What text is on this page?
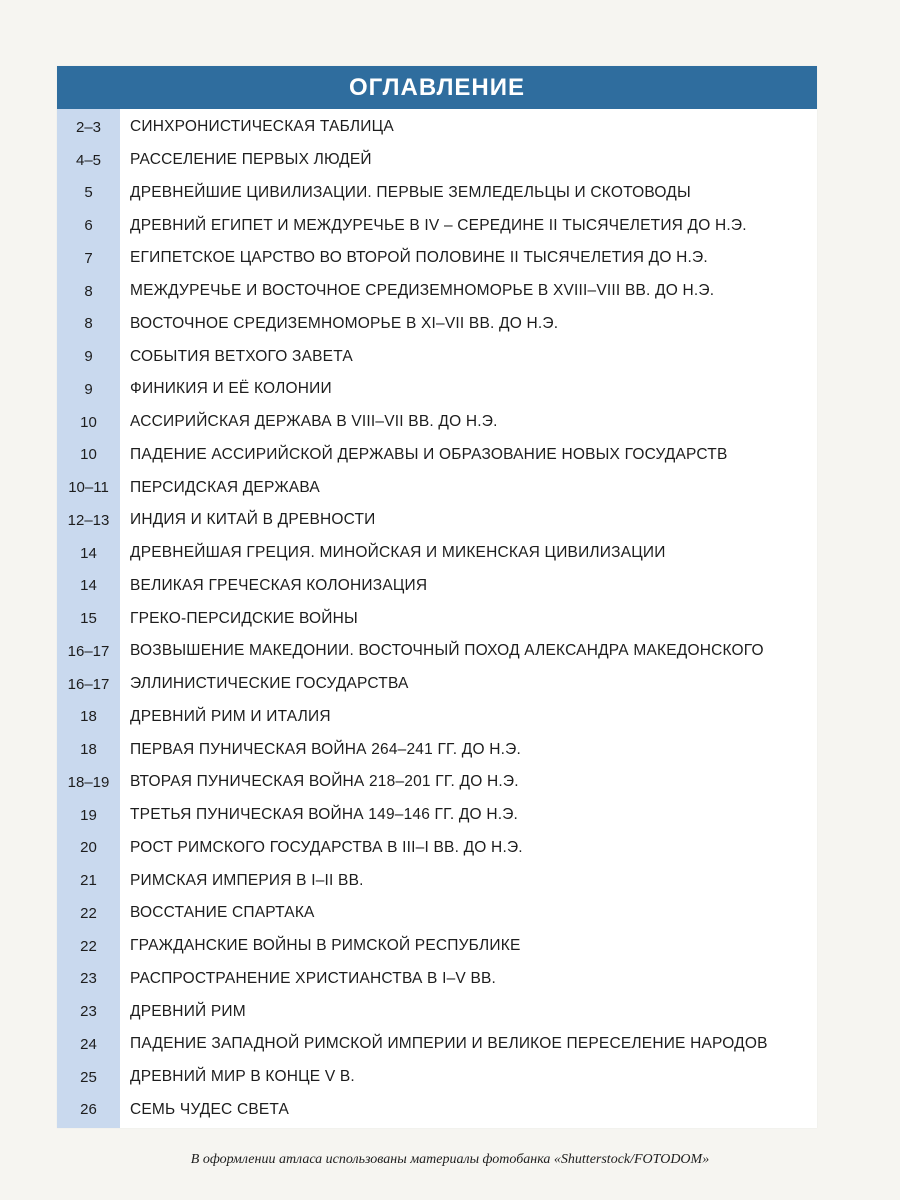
ОГЛАВЛЕНИЕ
2–3	СИНХРОНИСТИЧЕСКАЯ ТАБЛИЦА
4–5	РАССЕЛЕНИЕ ПЕРВЫХ ЛЮДЕЙ
5	ДРЕВНЕЙШИЕ ЦИВИЛИЗАЦИИ. ПЕРВЫЕ ЗЕМЛЕДЕЛЬЦЫ И СКОТОВОДЫ
6	ДРЕВНИЙ ЕГИПЕТ И МЕЖДУРЕЧЬЕ В IV – СЕРЕДИНЕ II ТЫСЯЧЕЛЕТИЯ ДО Н.Э.
7	ЕГИПЕТСКОЕ ЦАРСТВО ВО ВТОРОЙ ПОЛОВИНЕ II ТЫСЯЧЕЛЕТИЯ ДО Н.Э.
8	МЕЖДУРЕЧЬЕ И ВОСТОЧНОЕ СРЕДИЗЕМНОМОРЬЕ В XVIII–VIII ВВ. ДО Н.Э.
8	ВОСТОЧНОЕ СРЕДИЗЕМНОМОРЬЕ В XI–VII ВВ. ДО Н.Э.
9	СОБЫТИЯ ВЕТХОГО ЗАВЕТА
9	ФИНИКИЯ И ЕЁ КОЛОНИИ
10	АССИРИЙСКАЯ ДЕРЖАВА В VIII–VII ВВ. ДО Н.Э.
10	ПАДЕНИЕ АССИРИЙСКОЙ ДЕРЖАВЫ И ОБРАЗОВАНИЕ НОВЫХ ГОСУДАРСТВ
10–11	ПЕРСИДСКАЯ ДЕРЖАВА
12–13	ИНДИЯ И КИТАЙ В ДРЕВНОСТИ
14	ДРЕВНЕЙШАЯ ГРЕЦИЯ. МИНОЙСКАЯ И МИКЕНСКАЯ ЦИВИЛИЗАЦИИ
14	ВЕЛИКАЯ ГРЕЧЕСКАЯ КОЛОНИЗАЦИЯ
15	ГРЕКО-ПЕРСИДСКИЕ ВОЙНЫ
16–17	ВОЗВЫШЕНИЕ МАКЕДОНИИ. ВОСТОЧНЫЙ ПОХОД АЛЕКСАНДРА МАКЕДОНСКОГО
16–17	ЭЛЛИНИСТИЧЕСКИЕ ГОСУДАРСТВА
18	ДРЕВНИЙ РИМ И ИТАЛИЯ
18	ПЕРВАЯ ПУНИЧЕСКАЯ ВОЙНА 264–241 ГГ. ДО Н.Э.
18–19	ВТОРАЯ ПУНИЧЕСКАЯ ВОЙНА 218–201 ГГ. ДО Н.Э.
19	ТРЕТЬЯ ПУНИЧЕСКАЯ ВОЙНА 149–146 ГГ. ДО Н.Э.
20	РОСТ РИМСКОГО ГОСУДАРСТВА В III–I ВВ. ДО Н.Э.
21	РИМСКАЯ ИМПЕРИЯ В I–II ВВ.
22	ВОССТАНИЕ СПАРТАКА
22	ГРАЖДАНСКИЕ ВОЙНЫ В РИМСКОЙ РЕСПУБЛИКЕ
23	РАСПРОСТРАНЕНИЕ ХРИСТИАНСТВА В I–V ВВ.
23	ДРЕВНИЙ РИМ
24	ПАДЕНИЕ ЗАПАДНОЙ РИМСКОЙ ИМПЕРИИ И ВЕЛИКОЕ ПЕРЕСЕЛЕНИЕ НАРОДОВ
25	ДРЕВНИЙ МИР В КОНЦЕ V В.
26	СЕМЬ ЧУДЕС СВЕТА
В оформлении атласа использованы материалы фотобанка «Shutterstock/FOTODOM»
